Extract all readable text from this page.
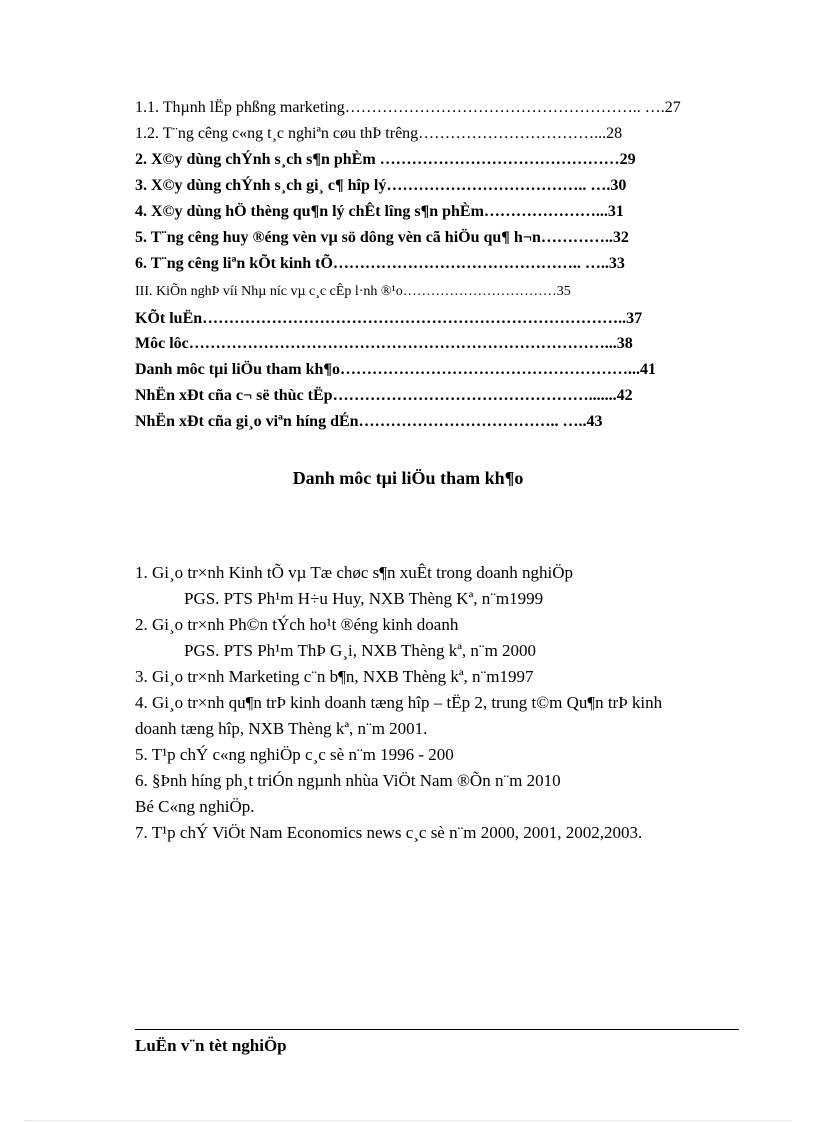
1.1. Thµnh lËp phßng marketing……………………………………………….. ….27
1.2. T¨ng cêng c«ng t¸c nghiªn cøu thÞ trêng……………………………...28
2. X©y dùng chÝnh s¸ch s¶n phÈm ………………………………………29
3. X©y dùng chÝnh s¸ch gi¸ c¶ hîp lý……………………………….. ….30
4. X©y dùng hÖ thèng qu¶n lý chÊt lîng s¶n phÈm…………………...31
5. T¨ng cêng huy ®éng vèn vµ sö dông vèn cã hiÖu qu¶ h¬n…………..32
6. T¨ng cêng liªn kÕt kinh tÕ……………………………………….. …..33
III. KiÕn nghÞ víi Nhµ níc vµ c¸c cÊp l·nh ®¹o……………………………35
KÕt luËn……………………………………………………………………..37
Môc lôc……………………………………………………………………...38
Danh môc tµi liÖu tham kh¶o………………………………………………...41
NhËn xÐt cña c¬ së thùc tËp………………………………………….......42
NhËn xÐt cña gi¸o viªn híng dÉn……………………………….. …..43
Danh môc tµi liÖu tham kh¶o
1. Gi¸o tr×nh Kinh tÕ vµ Tæ chøc s¶n xuÊt trong doanh nghiÖp
PGS. PTS Ph¹m H÷u Huy, NXB Thèng Kª, n¨m1999
2. Gi¸o tr×nh Ph©n tÝch ho¹t ®éng kinh doanh
PGS. PTS Ph¹m ThÞ G¸i, NXB Thèng kª, n¨m 2000
3. Gi¸o tr×nh Marketing c¨n b¶n, NXB Thèng kª, n¨m1997
4. Gi¸o tr×nh qu¶n trÞ kinh doanh tæng hîp – tËp 2, trung t©m Qu¶n trÞ kinh
doanh tæng hîp, NXB Thèng kª, n¨m 2001.
5. T¹p chÝ c«ng nghiÖp c¸c sè n¨m 1996 - 200
6. §Þnh híng ph¸t triÓn ngµnh nhùa ViÖt Nam ®Õn n¨m 2010
Bé C«ng nghiÖp.
7. T¹p chÝ ViÖt Nam Economics news c¸c sè n¨m 2000, 2001, 2002,2003.
LuËn v¨n tèt nghiÖp
